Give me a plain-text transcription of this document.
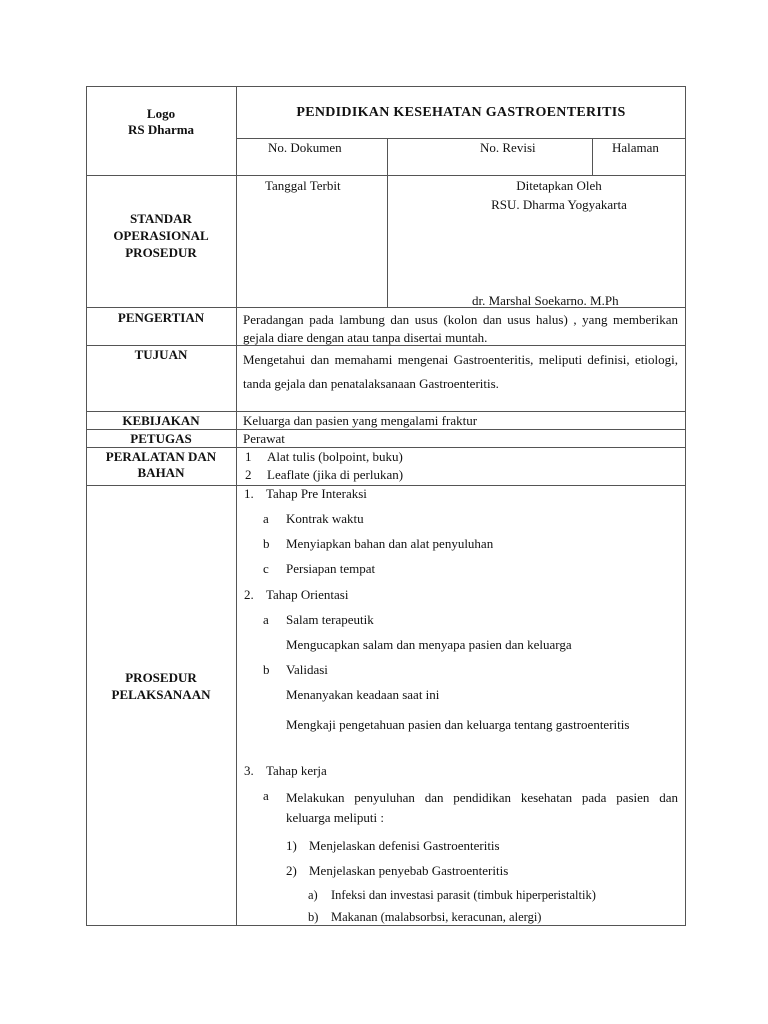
Logo
RS Dharma
PENDIDIKAN KESEHATAN GASTROENTERITIS
No. Dokumen	No. Revisi	Halaman
STANDAR
OPERASIONAL
PROSEDUR
Tanggal Terbit	Ditetapkan Oleh
RSU. Dharma Yogyakarta
dr. Marshal Soekarno. M.Ph
PENGERTIAN	Peradangan pada lambung dan usus (kolon dan usus halus) , yang memberikan gejala diare dengan atau tanpa disertai muntah.
TUJUAN	Mengetahui dan memahami mengenai Gastroenteritis, meliputi definisi, etiologi, tanda gejala dan penatalaksanaan Gastroenteritis.
KEBIJAKAN	Keluarga dan pasien yang mengalami fraktur
PETUGAS	Perawat
PERALATAN DAN
BAHAN
1 Alat tulis (bolpoint, buku)
2 Leaflate (jika di perlukan)
PROSEDUR
PELAKSANAAN
1. Tahap Pre Interaksi
a Kontrak waktu
b Menyiapkan bahan dan alat penyuluhan
c Persiapan tempat
2. Tahap Orientasi
a Salam terapeutik
Mengucapkan salam dan menyapa pasien dan keluarga
b Validasi
Menanyakan keadaan saat ini
Mengkaji pengetahuan pasien dan keluarga tentang gastroenteritis
3. Tahap kerja
a Melakukan penyuluhan dan pendidikan kesehatan pada pasien dan keluarga meliputi :
1) Menjelaskan defenisi Gastroenteritis
2) Menjelaskan penyebab Gastroenteritis
a) Infeksi dan investasi parasit (timbuk hiperperistaltik)
b) Makanan (malabsorbsi, keracunan, alergi)
